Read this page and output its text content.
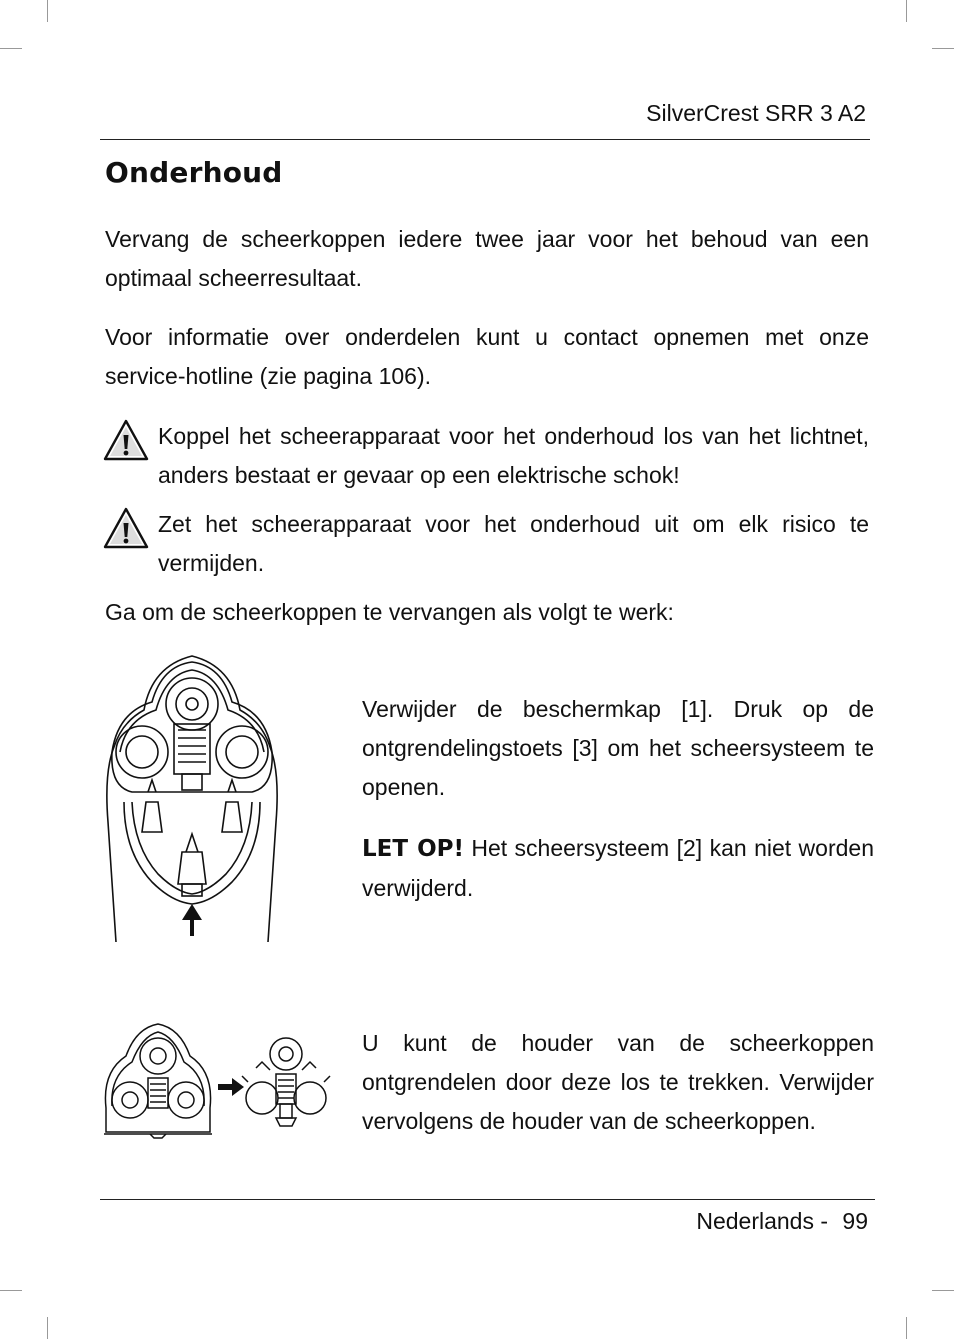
SilverCrest SRR 3 A2
Onderhoud

Vervang de scheerkoppen iedere twee jaar voor het behoud van een optimaal scheerresultaat.

Voor informatie over onderdelen kunt u contact opnemen met onze service-hotline (zie pagina 106).

Koppel het scheerapparaat voor het onderhoud los van het lichtnet, anders bestaat er gevaar op een elektrische schok!

Zet het scheerapparaat voor het onderhoud uit om elk risico te vermijden.

Ga om de scheerkoppen te vervangen als volgt te werk:

Verwijder de beschermkap [1]. Druk op de ontgrendelingstoets [3] om het scheersysteem te openen.

LET OP! Het scheersysteem [2] kan niet worden verwijderd.

U kunt de houder van de scheerkoppen ontgrendelen door deze los te trekken. Verwijder vervolgens de houder van de scheerkoppen.

Nederlands - 99
